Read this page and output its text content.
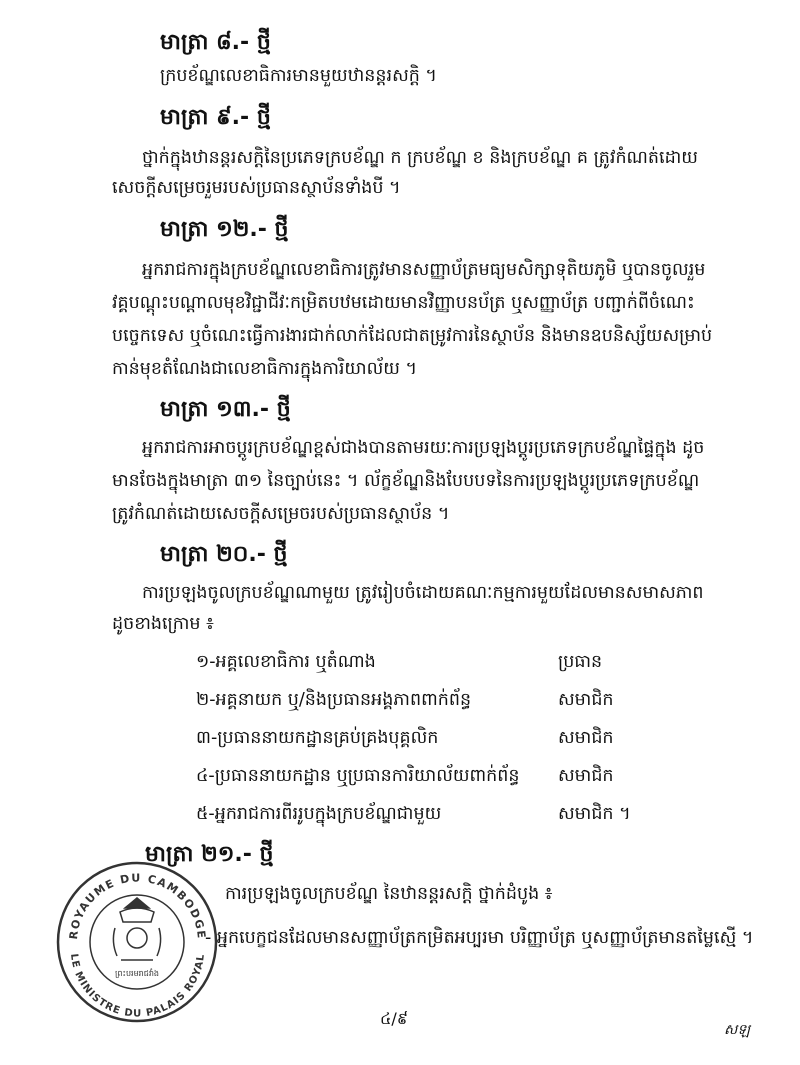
មាត្រា ៨.- ថ្មី
ក្របខ័ណ្ឌលេខាធិការមានមួយឋានន្តរសក្តិ ។
មាត្រា ៩.- ថ្មី
ថ្នាក់ក្នុងឋានន្តរសក្តិនៃប្រភេទក្របខ័ណ្ឌ ក ក្របខ័ណ្ឌ ខ និងក្របខ័ណ្ឌ គ ត្រូវកំណត់ដោយ
សេចក្តីសម្រេចរួមរបស់ប្រធានស្ថាប័នទាំងបី ។
មាត្រា ១២.- ថ្មី
អ្នករាជការក្នុងក្របខ័ណ្ឌលេខាធិការត្រូវមានសញ្ញាប័ត្រមធ្យមសិក្សាទុតិយភូមិ ឬបានចូលរួម
វគ្គបណ្តុះបណ្តាលមុខវិជ្ជាជីវៈកម្រិតបឋមដោយមានវិញ្ញាបនប័ត្រ ឬសញ្ញាប័ត្រ បញ្ជាក់ពីចំណេះ
បច្ចេកទេស ឬចំណេះធ្វើការងារជាក់លាក់ដែលជាតម្រូវការនៃស្ថាប័ន និងមានឧបនិស្ស័យសម្រាប់
កាន់មុខតំណែងជាលេខាធិការក្នុងការិយាល័យ ។
មាត្រា ១៣.- ថ្មី
អ្នករាជការអាចប្តូរក្របខ័ណ្ឌខ្ពស់ជាងបានតាមរយៈការប្រឡងប្តូរប្រភេទក្របខ័ណ្ឌផ្ទៃក្នុង ដូច
មានចែងក្នុងមាត្រា ៣១ នៃច្បាប់នេះ ។ ល័ក្ខខ័ណ្ឌនិងបែបបទនៃការប្រឡងប្តូរប្រភេទក្របខ័ណ្ឌ
ត្រូវកំណត់ដោយសេចក្តីសម្រេចរបស់ប្រធានស្ថាប័ន ។
មាត្រា ២០.- ថ្មី
ការប្រឡងចូលក្របខ័ណ្ឌណាមួយ ត្រូវរៀបចំដោយគណៈកម្មការមួយដែលមានសមាសភាព
ដូចខាងក្រោម ៖
១-អគ្គលេខាធិការ ឬតំណាង	ប្រធាន
២-អគ្គនាយក ឬ/និងប្រធានអង្គភាពពាក់ព័ន្ធ	សមាជិក
៣-ប្រធាននាយកដ្ឋានគ្រប់គ្រងបុគ្គលិក	សមាជិក
៤-ប្រធាននាយកដ្ឋាន ឬប្រធានការិយាល័យពាក់ព័ន្ធ សមាជិក
៥-អ្នករាជការពីររូបក្នុងក្របខ័ណ្ឌជាមួយ	សមាជិក ។
មាត្រា ២១.- ថ្មី
ការប្រឡងចូលក្របខ័ណ្ឌ នៃឋានន្តរសក្តិ ថ្នាក់ដំបូង ៖
- អ្នកបេក្ខជនដែលមានសញ្ញាប័ត្រកម្រិតអប្បរមា បរិញ្ញាប័ត្រ ឬសញ្ញាប័ត្រមានតម្លៃស្មើ ។
ROYAUME DU CAMBODGE
LE MINISTRE DU PALAIS ROYAL
ព្រះបរមរាជវាំង
៤/៩
សឡ
